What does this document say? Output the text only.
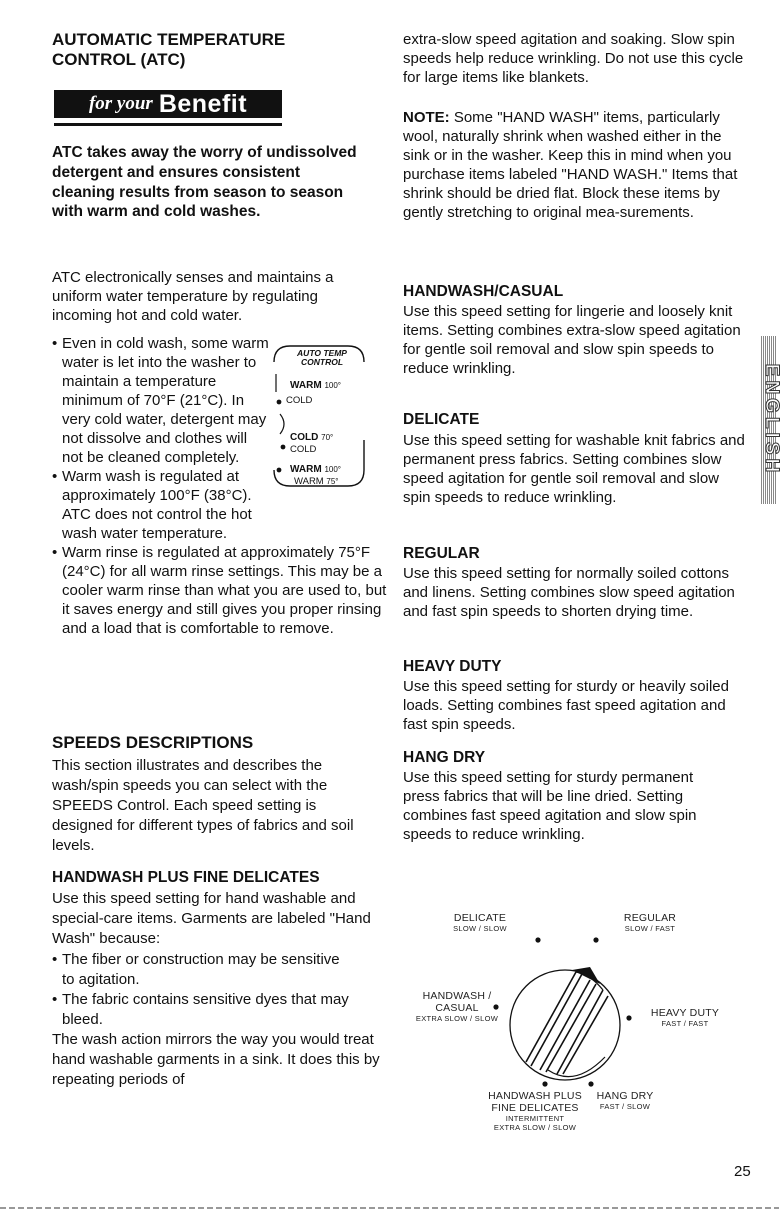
AUTOMATIC TEMPERATURE
CONTROL (ATC)
for your Benefit

ATC takes away the worry of undissolved detergent and ensures consistent cleaning results from season to season with warm and cold washes.

ATC electronically senses and maintains a uniform water temperature by regulating incoming hot and cold water.

• Even in cold wash, some warm water is let into the washer to maintain a temperature minimum of 70°F (21°C). In very cold water, detergent may not dissolve and clothes will not be cleaned completely.
• Warm wash is regulated at approximately 100°F (38°C). ATC does not control the hot wash water temperature.
• Warm rinse is regulated at approximately 75°F (24°C) for all warm rinse settings. This may be a cooler warm rinse than what you are used to, but it saves energy and still gives you proper rinsing and a load that is comfortable to remove.
AUTO TEMP
CONTROL
WARM 100°
COLD
COLD 70°
COLD
WARM 100°
WARM 75°
SPEEDS DESCRIPTIONS

This section illustrates and describes the wash/spin speeds you can select with the SPEEDS Control. Each speed setting is designed for different types of fabrics and soil levels.

HANDWASH PLUS FINE DELICATES

Use this speed setting for hand washable and special-care items. Garments are labeled "Hand Wash" because:

• The fiber or construction may be sensitive to agitation.
• The fabric contains sensitive dyes that may bleed.

The wash action mirrors the way you would treat hand washable garments in a sink. It does this by repeating periods of

extra-slow speed agitation and soaking. Slow spin speeds help reduce wrinkling. Do not use this cycle for large items like blankets.

NOTE: Some "HAND WASH" items, particularly wool, naturally shrink when washed either in the sink or in the washer. Keep this in mind when you purchase items labeled "HAND WASH." Items that shrink should be dried flat. Block these items by gently stretching to original mea-surements.

HANDWASH/CASUAL

Use this speed setting for lingerie and loosely knit items. Setting combines extra-slow speed agitation for gentle soil removal and slow spin speeds to reduce wrinkling.

DELICATE

Use this speed setting for washable knit fabrics and permanent press fabrics. Setting combines slow speed agitation for gentle soil removal and slow spin speeds to reduce wrinkling.

REGULAR

Use this speed setting for normally soiled cottons and linens. Setting combines slow speed agitation and fast spin speeds to shorten drying time.

HEAVY DUTY

Use this speed setting for sturdy or heavily soiled loads. Setting combines fast speed agitation and fast spin speeds.

HANG DRY

Use this speed setting for sturdy permanent press fabrics that will be line dried. Setting combines fast speed agitation and slow spin speeds to reduce wrinkling.

DELICATE
SLOW / SLOW
REGULAR
SLOW / FAST
HANDWASH /
CASUAL
EXTRA SLOW / SLOW	HEAVY DUTY
FAST / FAST
HANDWASH PLUS
FINE DELICATES
INTERMITTENT
EXTRA SLOW / SLOW
HANG DRY
FAST / SLOW
ENGLISH
25
